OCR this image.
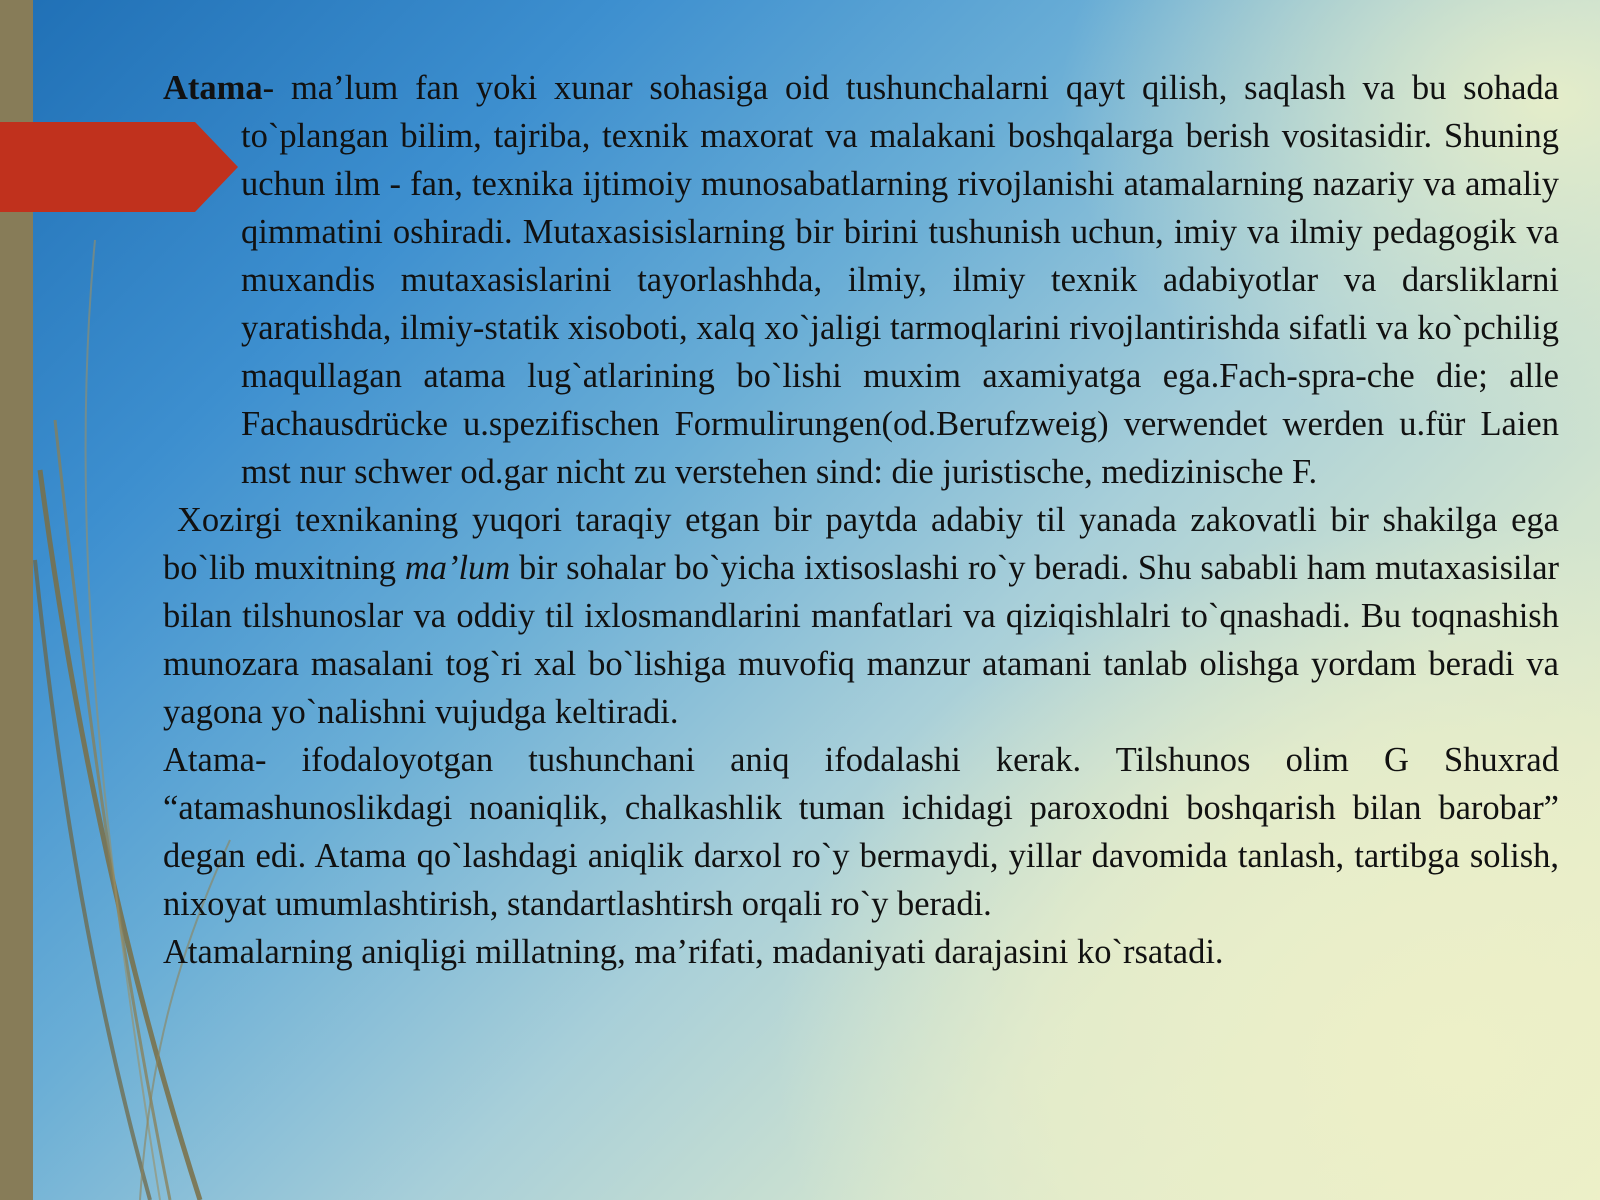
Atama- ma’lum fan yoki xunar sohasiga oid tushunchalarni qayt qilish, saqlash va bu sohada to`plangan bilim, tajriba, texnik maxorat va malakani boshqalarga berish vositasidir. Shuning uchun ilm - fan, texnika ijtimoiy munosabatlarning rivojlanishi atamalarning nazariy va amaliy qimmatini oshiradi. Mutaxasisislarning bir birini tushunish uchun, imiy va ilmiy pedagogik va muxandis mutaxasislarini tayorlashhda, ilmiy, ilmiy texnik adabiyotlar va darsliklarni yaratishda, ilmiy-statik xisoboti, xalq xo`jaligi tarmoqlarini rivojlantirishda sifatli va ko`pchilig maqullagan atama lug`atlarining bo`lishi muxim axamiyatga ega.Fach-spra-che die; alle Fachausdrücke u.spezifischen Formulirungen(od.Berufzweig) verwendet werden u.für Laien mst nur schwer od.gar nicht zu verstehen sind: die juristische, medizinische F.

Xozirgi texnikaning yuqori taraqiy etgan bir paytda adabiy til yanada zakovatli bir shakilga ega bo`lib muxitning ma’lum bir sohalar bo`yicha ixtisoslashi ro`y beradi. Shu sababli ham mutaxasisilar bilan tilshunoslar va oddiy til ixlosmandlarini manfatlari va qiziqishlalri to`qnashadi. Bu toqnashish munozara masalani tog`ri xal bo`lishiga muvofiq manzur atamani tanlab olishga yordam beradi va yagona yo`nalishni vujudga keltiradi.

Atama- ifodaloyotgan tushunchani aniq ifodalashi kerak. Tilshunos olim G Shuxrad “atamashunoslikdagi noaniqlik, chalkashlik tuman ichidagi paroxodni boshqarish bilan barobar” degan edi. Atama qo`lashdagi aniqlik darxol ro`y bermaydi, yillar davomida tanlash, tartibga solish, nixoyat umumlashtirish, standartlashtirsh orqali ro`y beradi.

Atamalarning aniqligi millatning, ma’rifati, madaniyati darajasini ko`rsatadi.
